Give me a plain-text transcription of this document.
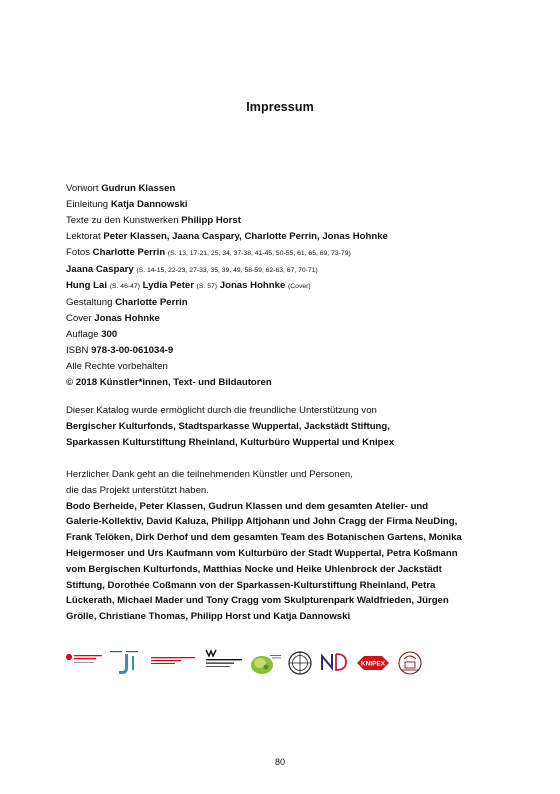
Impressum
Vorwort Gudrun Klassen
Einleitung Katja Dannowski
Texte zu den Kunstwerken Philipp Horst
Lektorat Peter Klassen, Jaana Caspary, Charlotte Perrin, Jonas Hohnke
Fotos Charlotte Perrin (S. 13, 17-21, 25, 34, 37-38, 41-45, 50-55, 61, 65, 69, 73-79)
Jaana Caspary (S. 14-15, 22-23, 27-33, 35, 39, 49, 58-59, 62-63, 67, 70-71)
Hung Lai (S. 46-47) Lydia Peter (S. 57) Jonas Hohnke (Cover)
Gestaltung Charlotte Perrin
Cover Jonas Hohnke
Auflage 300
ISBN 978-3-00-061034-9
Alle Rechte vorbehalten
© 2018 Künstler*innen, Text- und Bildautoren
Dieser Katalog wurde ermöglicht durch die freundliche Unterstützung von
Bergischer Kulturfonds, Stadtsparkasse Wuppertal, Jackstädt Stiftung,
Sparkassen Kulturstiftung Rheinland, Kulturbüro Wuppertal und Knipex
Herzlicher Dank geht an die teilnehmenden Künstler und Personen,
die das Projekt unterstützt haben.
Bodo Berheide, Peter Klassen, Gudrun Klassen und dem gesamten Atelier- und
Galerie-Kollektiv, David Kaluza, Philipp Altjohann und John Cragg der Firma NeuDing,
Frank Telöken, Dirk Derhof und dem gesamten Team des Botanischen Gartens, Monika
Heigermoser und Urs Kaufmann vom Kulturbüro der Stadt Wuppertal, Petra Koßmann
vom Bergischen Kulturfonds, Matthias Nocke und Heike Uhlenbrock der Jackstädt
Stiftung, Dorothée Coßmann von der Sparkassen-Kulturstiftung Rheinland, Petra
Lückerath, Michael Mader und Tony Cragg vom Skulpturenpark Waldfrieden, Jürgen
Grölle, Christiane Thomas, Philipp Horst und Katja Dannowski
KNIPEX
80
